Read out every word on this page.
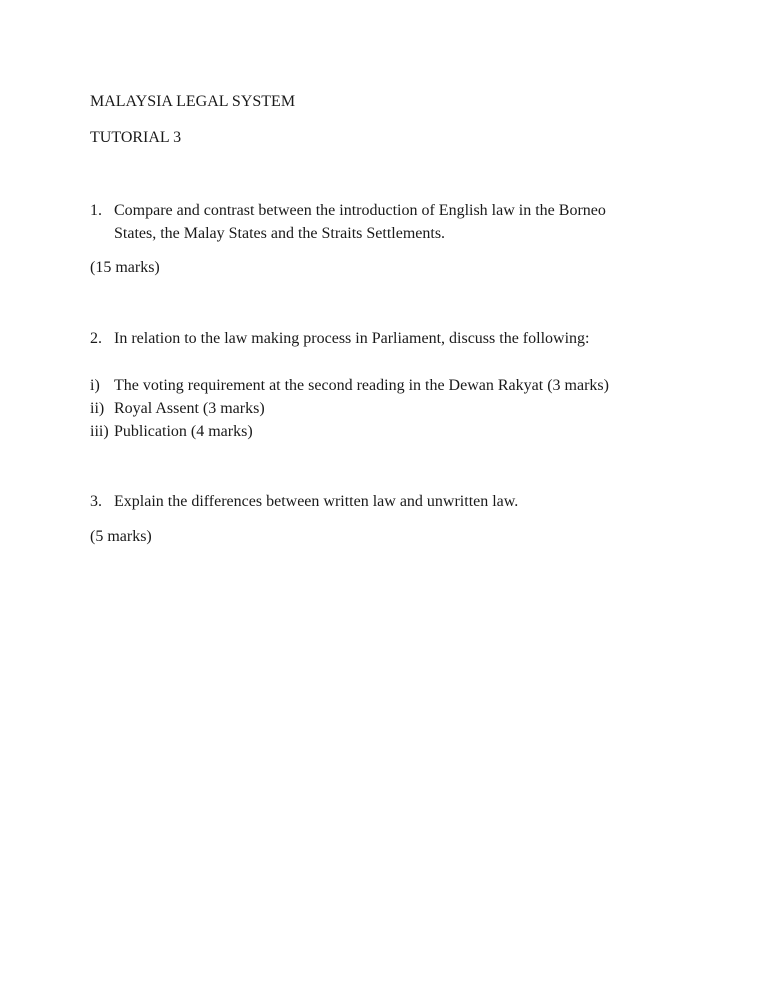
MALAYSIA LEGAL SYSTEM
TUTORIAL 3
1. Compare and contrast between the introduction of English law in the Borneo
States, the Malay States and the Straits Settlements.
(15 marks)
2. In relation to the law making process in Parliament, discuss the following:
i) The voting requirement at the second reading in the Dewan Rakyat (3 marks)
ii) Royal Assent (3 marks)
iii) Publication (4 marks)
3. Explain the differences between written law and unwritten law.
(5 marks)
